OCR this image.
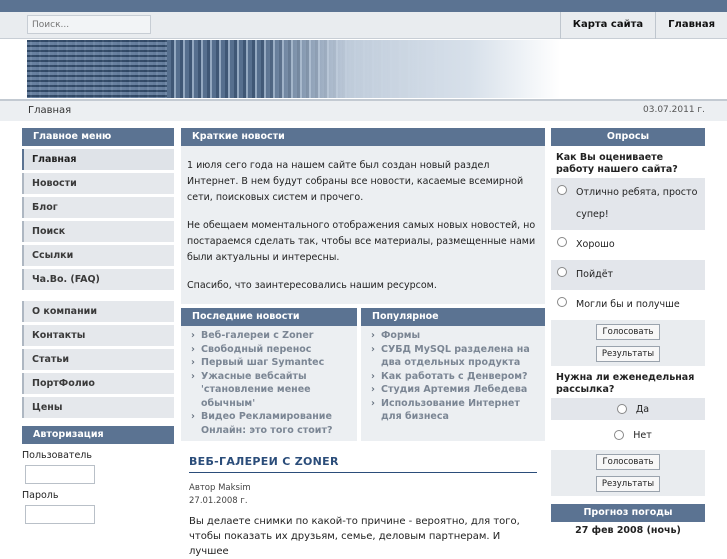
Поиск...
Карта сайта	Главная
Главная	03.07.2011 г.
Главное меню
Главная
Новости
Блог
Поиск
Ссылки
Ча.Во. (FAQ)
О компании
Контакты
Статьи
ПортФолио
Цены
Авторизация
Пользователь
Пароль
Краткие новости

1 июля сего года на нашем сайте был создан новый раздел Интернет. В нем будут собраны все новости, касаемые всемирной сети, поисковых систем и прочего.

Не обещаем моментального отображения самых новых новостей, но постараемся сделать так, чтобы все материалы, размещенные нами были актуальны и интересны.

Спасибо, что заинтересовались нашим ресурсом.

Последние новости
› Веб-галереи с Zoner
› Свободный перенос
› Первый шаг Symantec
› Ужасные вебсайты 'становление менее обычным'
› Видео Рекламирование Онлайн: это того стоит?
Популярное
› Формы
› СУБД MySQL разделена на два отдельных продукта
› Как работать с Денвером?
› Студия Артемия Лебедева
› Использование Интернет для бизнеса
ВЕБ-ГАЛЕРЕИ С ZONER
Автор Maksim
27.01.2008 г.
Вы делаете снимки по какой-то причине - вероятно, для того, чтобы показать их друзьям, семье, деловым партнерам. И лучшее
Опросы
Как Вы оцениваете работу нашего сайта?
Отлично ребята, просто супер!
Хорошо
Пойдёт
Могли бы и получше
Голосовать
Результаты
Нужна ли еженедельная рассылка?
Да
Нет
Голосовать
Результаты
Прогноз погоды
27 фев 2008 (ночь)
